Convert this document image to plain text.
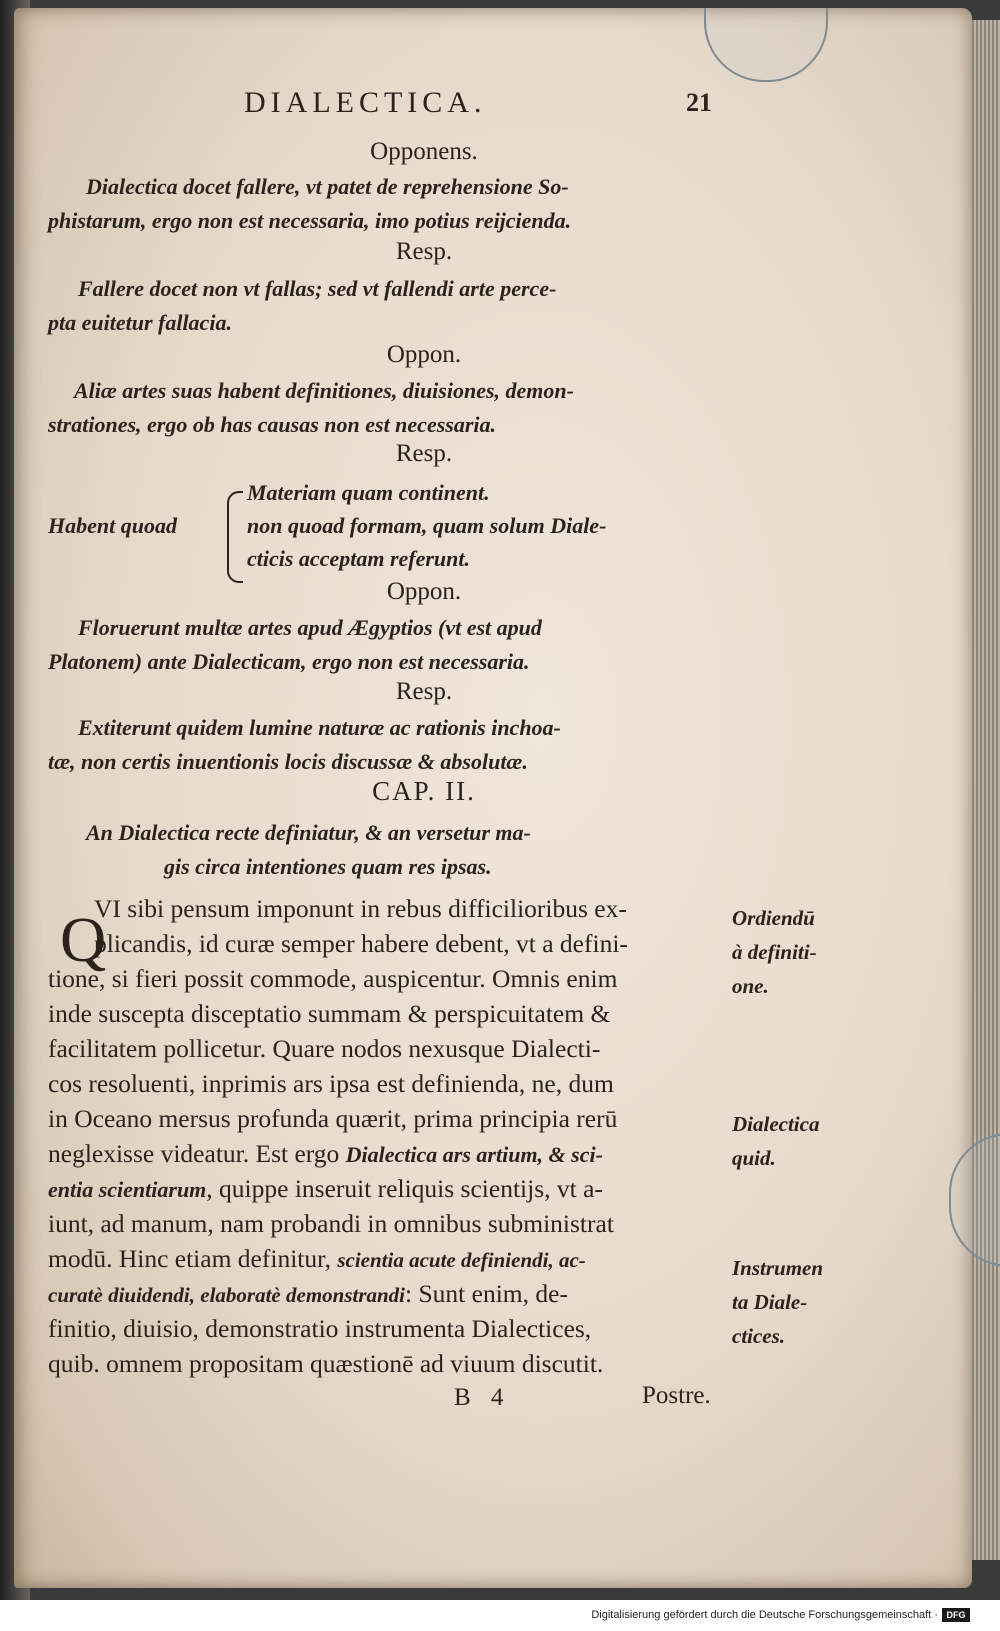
DIALECTICA.	21
Opponens.
Dialectica docet fallere, vt patet de reprehensione So-
phistarum, ergo non est necessaria, imo potius reijcienda.
Resp.
Fallere docet non vt fallas; sed vt fallendi arte perce-
pta euitetur fallacia.
Oppon.
Aliæ artes suas habent definitiones, diuisiones, demon-
strationes, ergo ob has causas non est necessaria.
Resp.
Habent quoad
Materiam quam continent.
non quoad formam, quam solum Diale-
cticis acceptam referunt.
Oppon.
Floruerunt multæ artes apud Ægyptios (vt est apud
Platonem) ante Dialecticam, ergo non est necessaria.
Resp.
Extiterunt quidem lumine naturæ ac rationis inchoa-
tæ, non certis inuentionis locis discussæ & absolutæ.
CAP. II.
An Dialectica recte definiatur, & an versetur ma-
gis circa intentiones quam res ipsas.
Q
VI sibi pensum imponunt in rebus difficilioribus ex-
plicandis, id curæ semper habere debent, vt a defini-
tione, si fieri possit commode, auspicentur. Omnis enim
inde suscepta disceptatio summam & perspicuitatem &
facilitatem pollicetur. Quare nodos nexusque Dialecti-
cos resoluenti, inprimis ars ipsa est definienda, ne, dum
in Oceano mersus profunda quærit, prima principia rerū
neglexisse videatur. Est ergo Dialectica ars artium, & sci-
entia scientiarum, quippe inseruit reliquis scientijs, vt a-
iunt, ad manum, nam probandi in omnibus subministrat
modū. Hinc etiam definitur, scientia acute definiendi, ac-
curatè diuidendi, elaboratè demonstrandi: Sunt enim, de-
finitio, diuisio, demonstratio instrumenta Dialectices,
quib. omnem propositam quæstionē ad viuum discutit.
Ordiendū
à definiti-
one.
Dialectica
quid.
Instrumen
ta Diale-
ctices.
B 4	Postre.
Digitalisierung gefördert durch die Deutsche Forschungsgemeinschaft · DFG
